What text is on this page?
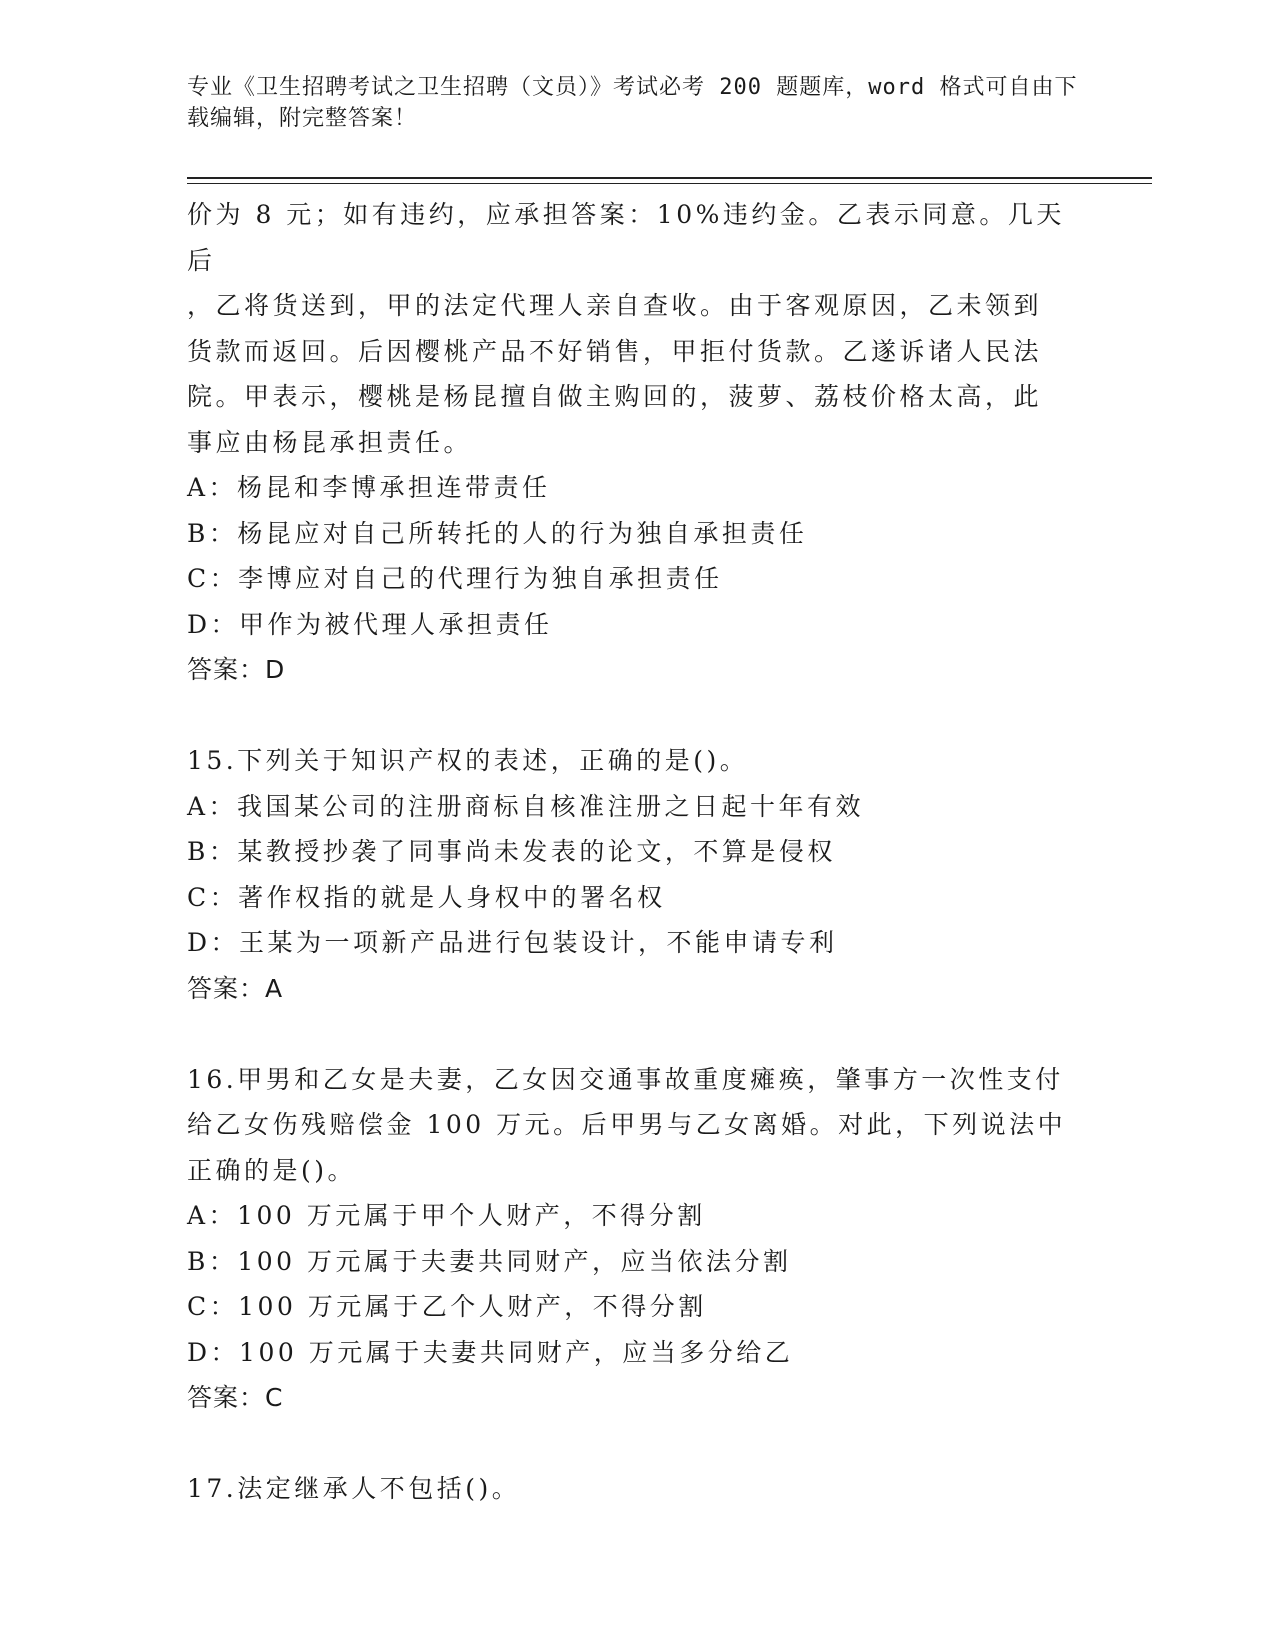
专业《卫生招聘考试之卫生招聘（文员）》考试必考 200 题题库，word 格式可自由下载编辑，附完整答案！

价为 8 元；如有违约，应承担答案：10%违约金。乙表示同意。几天后

，乙将货送到，甲的法定代理人亲自查收。由于客观原因，乙未领到

货款而返回。后因樱桃产品不好销售，甲拒付货款。乙遂诉诸人民法

院。甲表示，樱桃是杨昆擅自做主购回的，菠萝、荔枝价格太高，此

事应由杨昆承担责任。

A：杨昆和李博承担连带责任

B：杨昆应对自己所转托的人的行为独自承担责任

C：李博应对自己的代理行为独自承担责任

D：甲作为被代理人承担责任

答案：D

15.下列关于知识产权的表述，正确的是()。

A：我国某公司的注册商标自核准注册之日起十年有效

B：某教授抄袭了同事尚未发表的论文，不算是侵权

C：著作权指的就是人身权中的署名权

D：王某为一项新产品进行包装设计，不能申请专利

答案：A

16.甲男和乙女是夫妻，乙女因交通事故重度瘫痪，肇事方一次性支付

给乙女伤残赔偿金 100 万元。后甲男与乙女离婚。对此，下列说法中

正确的是()。

A：100 万元属于甲个人财产，不得分割

B：100 万元属于夫妻共同财产，应当依法分割

C：100 万元属于乙个人财产，不得分割

D：100 万元属于夫妻共同财产，应当多分给乙

答案：C

17.法定继承人不包括()。
